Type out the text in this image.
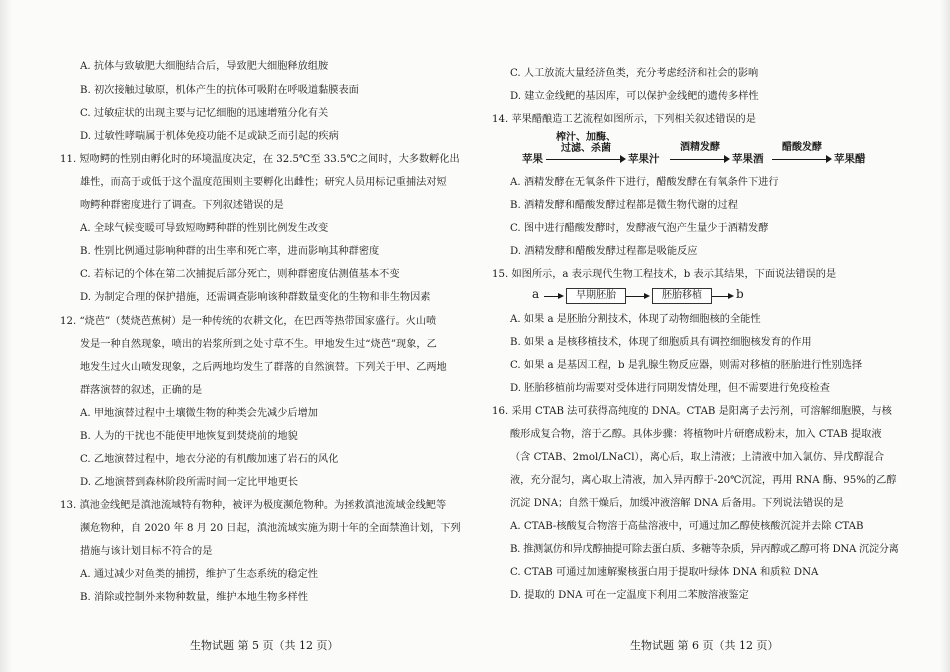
A. 抗体与致敏肥大细胞结合后，导致肥大细胞释放组胺
B. 初次接触过敏原，机体产生的抗体可吸附在呼吸道黏膜表面
C. 过敏症状的出现主要与记忆细胞的迅速增殖分化有关
D. 过敏性哮喘属于机体免疫功能不足或缺乏而引起的疾病
11. 短吻鳄的性别由孵化时的环境温度决定，在 32.5℃至 33.5℃之间时，大多数孵化出
雄性，而高于或低于这个温度范围则主要孵化出雌性；研究人员用标记重捕法对短
吻鳄种群密度进行了调查。下列叙述错误的是
A. 全球气候变暖可导致短吻鳄种群的性别比例发生改变
B. 性别比例通过影响种群的出生率和死亡率，进而影响其种群密度
C. 若标记的个体在第二次捕捉后部分死亡，则种群密度估测值基本不变
D. 为制定合理的保护措施，还需调查影响该种群数量变化的生物和非生物因素
12. “烧芭”（焚烧芭蕉树）是一种传统的农耕文化，在巴西等热带国家盛行。火山喷
发是一种自然现象，喷出的岩浆所到之处寸草不生。甲地发生过“烧芭”现象，乙
地发生过火山喷发现象，之后两地均发生了群落的自然演替。下列关于甲、乙两地
群落演替的叙述，正确的是
A. 甲地演替过程中土壤微生物的种类会先减少后增加
B. 人为的干扰也不能使甲地恢复到焚烧前的地貌
C. 乙地演替过程中，地衣分泌的有机酸加速了岩石的风化
D. 乙地演替到森林阶段所需时间一定比甲地更长
13. 滇池金线鲃是滇池流域特有物种，被评为极度濒危物种。为拯救滇池流域金线鲃等
濒危物种，自 2020 年 8 月 20 日起，滇池流域实施为期十年的全面禁渔计划，下列
措施与该计划目标不符合的是
A. 通过减少对鱼类的捕捞，维护了生态系统的稳定性
B. 消除或控制外来物种数量，维护本地生物多样性
生物试题 第 5 页（共 12 页）
C. 人工放流大量经济鱼类，充分考虑经济和社会的影响
D. 建立金线鲃的基因库，可以保护金线鲃的遗传多样性
14. 苹果醋酿造工艺流程如图所示，下列相关叙述错误的是
苹果
榨汁、加酶、
过滤、杀菌
苹果汁
酒精发酵
苹果酒
醋酸发酵
苹果醋
A. 酒精发酵在无氧条件下进行，醋酸发酵在有氧条件下进行
B. 酒精发酵和醋酸发酵过程都是微生物代谢的过程
C. 图中进行醋酸发酵时，发酵液气泡产生量少于酒精发酵
D. 酒精发酵和醋酸发酵过程都是吸能反应
15. 如图所示，a 表示现代生物工程技术，b 表示其结果，下面说法错误的是
a	早期胚胎	胚胎移植	b
A. 如果 a 是胚胎分割技术，体现了动物细胞核的全能性
B. 如果 a 是核移植技术，体现了细胞质具有调控细胞核发育的作用
C. 如果 a 是基因工程，b 是乳腺生物反应器，则需对移植的胚胎进行性别选择
D. 胚胎移植前均需要对受体进行同期发情处理，但不需要进行免疫检查
16. 采用 CTAB 法可获得高纯度的 DNA。CTAB 是阳离子去污剂，可溶解细胞膜，与核
酸形成复合物，溶于乙醇。具体步骤：将植物叶片研磨成粉末，加入 CTAB 提取液
（含 CTAB、2mol/LNaCl），离心后，取上清液；上清液中加入氯仿、异戊醇混合
液，充分混匀，离心取上清液，加入异丙醇于-20℃沉淀，再用 RNA 酶、95%的乙醇
沉淀 DNA；自然干燥后，加缓冲液溶解 DNA 后备用。下列说法错误的是
A. CTAB-核酸复合物溶于高盐溶液中，可通过加乙醇使核酸沉淀并去除 CTAB
B. 推测氯仿和异戊醇抽提可除去蛋白质、多糖等杂质，异丙醇或乙醇可将 DNA 沉淀分离
C. CTAB 可通过加速解聚核蛋白用于提取叶绿体 DNA 和质粒 DNA
D. 提取的 DNA 可在一定温度下利用二苯胺溶液鉴定
生物试题 第 6 页（共 12 页）
